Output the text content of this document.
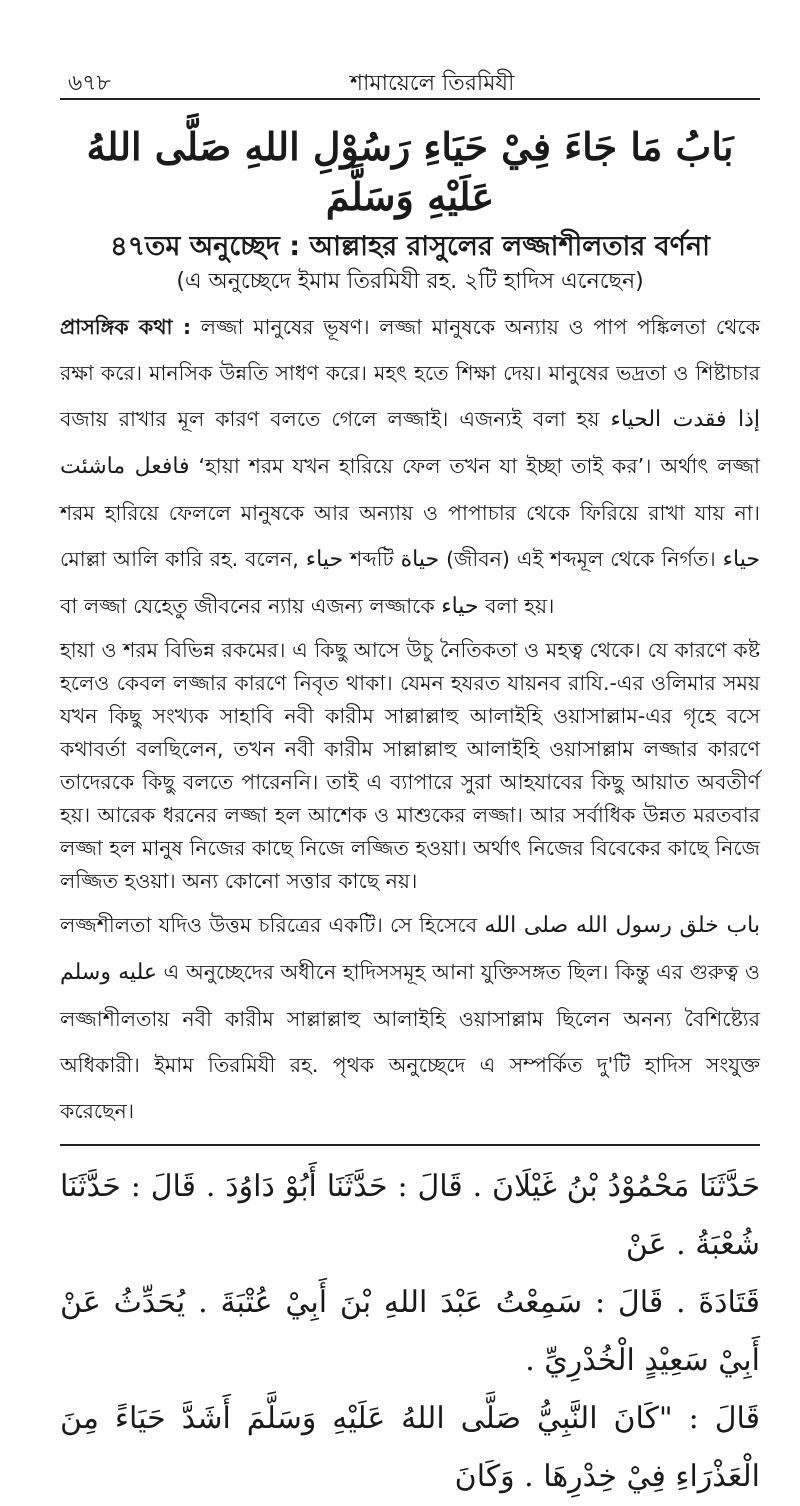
৬৭৮	শামায়েলে তিরমিযী
بَابُ مَا جَاءَ فِيْ حَيَاءِ رَسُوْلِ اللهِ صَلَّى اللهُ عَلَيْهِ وَسَلَّمَ
৪৭তম অনুচ্ছেদ : আল্লাহর রাসুলের লজ্জাশীলতার বর্ণনা
(এ অনুচ্ছেদে ইমাম তিরমিযী রহ. ২টি হাদিস এনেছেন)

প্রাসঙ্গিক কথা : লজ্জা মানুষের ভূষণ। লজ্জা মানুষকে অন্যায় ও পাপ পঙ্কিলতা থেকে রক্ষা করে। মানসিক উন্নতি সাধণ করে। মহৎ হতে শিক্ষা দেয়। মানুষের ভদ্রতা ও শিষ্টাচার বজায় রাখার মূল কারণ বলতে গেলে লজ্জাই। এজন্যই বলা হয় إذا فقدت الحياء فافعل ماشئت ‘হায়া শরম যখন হারিয়ে ফেল তখন যা ইচ্ছা তাই কর’। অর্থাৎ লজ্জা শরম হারিয়ে ফেললে মানুষকে আর অন্যায় ও পাপাচার থেকে ফিরিয়ে রাখা যায় না। মোল্লা আলি কারি রহ. বলেন, حياء শব্দটি حياة (জীবন) এই শব্দমূল থেকে নির্গত। حياء বা লজ্জা যেহেতু জীবনের ন্যায় এজন্য লজ্জাকে حياء বলা হয়।

হায়া ও শরম বিভিন্ন রকমের। এ কিছু আসে উচু নৈতিকতা ও মহত্ব থেকে। যে কারণে কষ্ট হলেও কেবল লজ্জার কারণে নিবৃত থাকা। যেমন হযরত যায়নব রাযি.-এর ওলিমার সময় যখন কিছু সংখ্যক সাহাবি নবী কারীম সাল্লাল্লাহু আলাইহি ওয়াসাল্লাম-এর গৃহে বসে কথাবর্তা বলছিলেন, তখন নবী কারীম সাল্লাল্লাহু আলাইহি ওয়াসাল্লাম লজ্জার কারণে তাদেরকে কিছু বলতে পারেননি। তাই এ ব্যাপারে সুরা আহযাবের কিছু আয়াত অবতীর্ণ হয়। আরেক ধরনের লজ্জা হল আশেক ও মাশুকের লজ্জা। আর সর্বাধিক উন্নত মরতবার লজ্জা হল মানুষ নিজের কাছে নিজে লজ্জিত হওয়া। অর্থাৎ নিজের বিবেকের কাছে নিজে লজ্জিত হওয়া। অন্য কোনো সত্তার কাছে নয়।

লজ্জশীলতা যদিও উত্তম চরিত্রের একটি। সে হিসেবে باب خلق رسول الله صلى الله عليه وسلم এ অনুচ্ছেদের অধীনে হাদিসসমূহ আনা যুক্তিসঙ্গত ছিল। কিন্তু এর গুরুত্ব ও লজ্জাশীলতায় নবী কারীম সাল্লাল্লাহু আলাইহি ওয়াসাল্লাম ছিলেন অনন্য বৈশিষ্ট্যের অধিকারী। ইমাম তিরমিযী রহ. পৃথক অনুচ্ছেদে এ সম্পর্কিত দু'টি হাদিস সংযুক্ত করেছেন।

حَدَّثَنَا مَحْمُوْدُ بْنُ غَيْلَانَ . قَالَ : حَدَّثَنَا أَبُوْ دَاوُدَ . قَالَ : حَدَّثَنَا شُعْبَةُ . عَنْ
قَتَادَةَ . قَالَ : سَمِعْتُ عَبْدَ اللهِ بْنَ أَبِيْ عُتْبَةَ . يُحَدِّثُ عَنْ أَبِيْ سَعِيْدٍ الْخُدْرِيِّ .
قَالَ : "كَانَ النَّبِيُّ صَلَّى اللهُ عَلَيْهِ وَسَلَّمَ أَشَدَّ حَيَاءً مِنَ الْعَذْرَاءِ فِيْ خِدْرِهَا . وَكَانَ
